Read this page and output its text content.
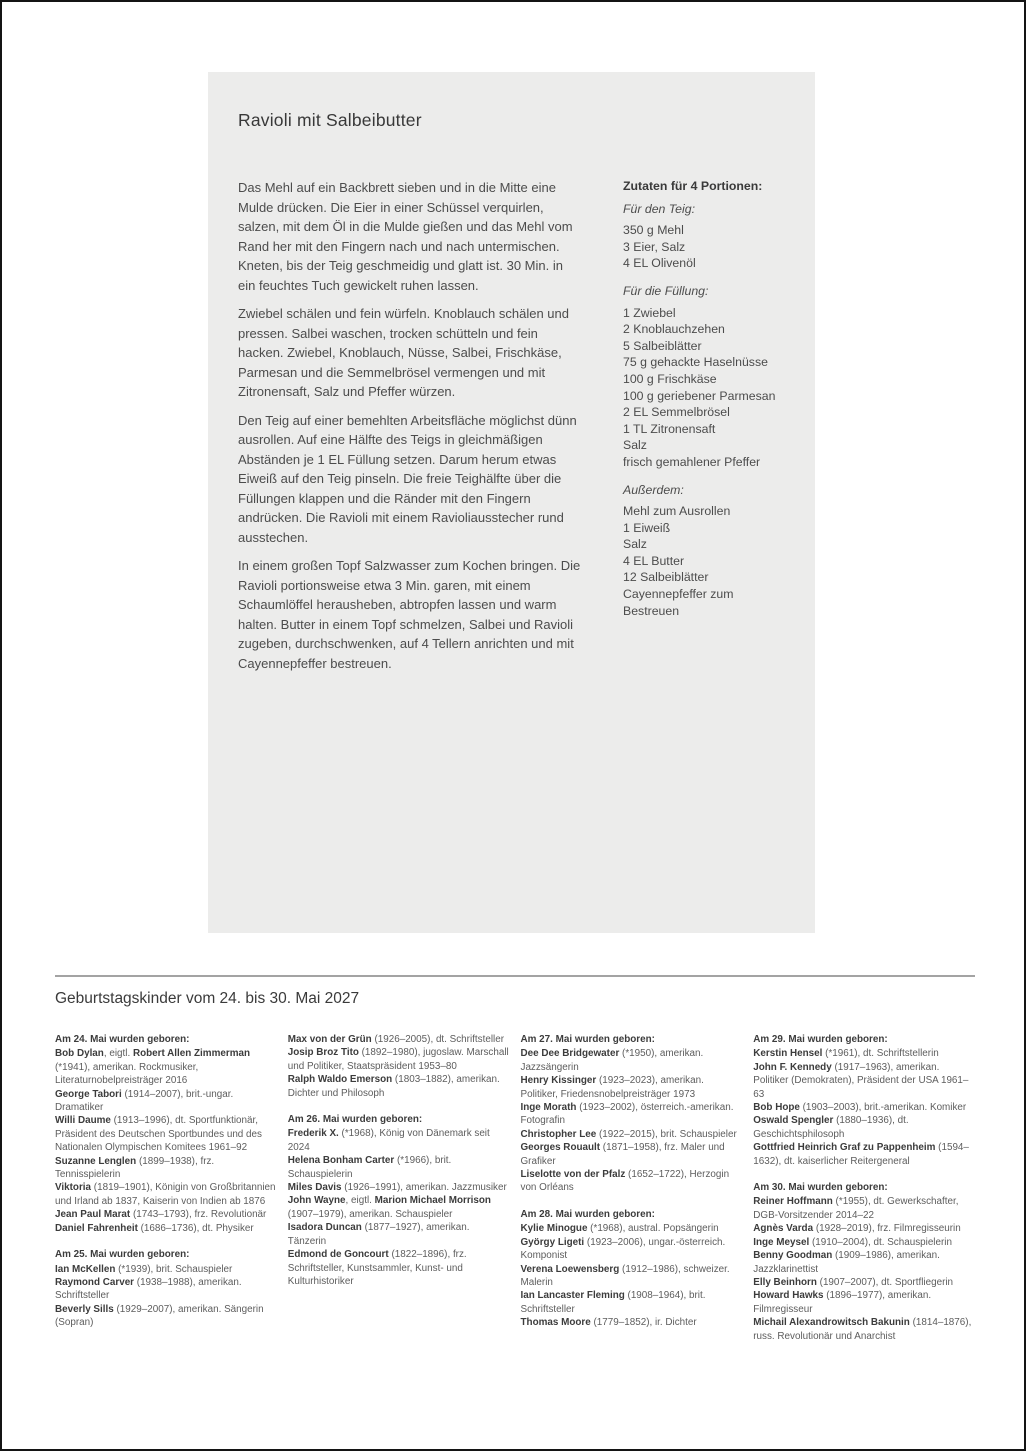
Ravioli mit Salbeibutter

Das Mehl auf ein Backbrett sieben und in die Mitte eine Mulde drücken. Die Eier in einer Schüssel verquirlen, salzen, mit dem Öl in die Mulde gießen und das Mehl vom Rand her mit den Fingern nach und nach untermischen. Kneten, bis der Teig geschmeidig und glatt ist. 30 Min. in ein feuchtes Tuch gewickelt ruhen lassen.

Zwiebel schälen und fein würfeln. Knoblauch schälen und pressen. Salbei waschen, trocken schütteln und fein hacken. Zwiebel, Knoblauch, Nüsse, Salbei, Frischkäse, Parmesan und die Semmelbrösel vermengen und mit Zitronensaft, Salz und Pfeffer würzen.

Den Teig auf einer bemehlten Arbeitsfläche möglichst dünn ausrollen. Auf eine Hälfte des Teigs in gleichmäßigen Abständen je 1 EL Füllung setzen. Darum herum etwas Eiweiß auf den Teig pinseln. Die freie Teighälfte über die Füllungen klappen und die Ränder mit den Fingern andrücken. Die Ravioli mit einem Ravioliausstecher rund ausstechen.

In einem großen Topf Salzwasser zum Kochen bringen. Die Ravioli portionsweise etwa 3 Min. garen, mit einem Schaumlöffel herausheben, abtropfen lassen und warm halten. Butter in einem Topf schmelzen, Salbei und Ravioli zugeben, durchschwenken, auf 4 Tellern anrichten und mit Cayennepfeffer bestreuen.

Zutaten für 4 Portionen:
Für den Teig:
350 g Mehl
3 Eier, Salz
4 EL Olivenöl
Für die Füllung:
1 Zwiebel
2 Knoblauchzehen
5 Salbeiblätter
75 g gehackte Haselnüsse
100 g Frischkäse
100 g geriebener Parmesan
2 EL Semmelbrösel
1 TL Zitronensaft
Salz
frisch gemahlener Pfeffer
Außerdem:
Mehl zum Ausrollen
1 Eiweiß
Salz
4 EL Butter
12 Salbeiblätter
Cayennepfeffer zum Bestreuen
Geburtstagskinder vom 24. bis 30. Mai 2027
Am 24. Mai wurden geboren:
Bob Dylan, eigtl. Robert Allen Zimmerman (*1941), amerikan. Rockmusiker, Literaturnobelpreisträger 2016
George Tabori (1914–2007), brit.-ungar. Dramatiker
Willi Daume (1913–1996), dt. Sportfunktionär, Präsident des Deutschen Sportbundes und des Nationalen Olympischen Komitees 1961–92
Suzanne Lenglen (1899–1938), frz. Tennisspielerin
Viktoria (1819–1901), Königin von Großbritannien und Irland ab 1837, Kaiserin von Indien ab 1876
Jean Paul Marat (1743–1793), frz. Revolutionär
Daniel Fahrenheit (1686–1736), dt. Physiker
Am 25. Mai wurden geboren:
Ian McKellen (*1939), brit. Schauspieler
Raymond Carver (1938–1988), amerikan. Schriftsteller
Beverly Sills (1929–2007), amerikan. Sängerin (Sopran)
Max von der Grün (1926–2005), dt. Schriftsteller
Josip Broz Tito (1892–1980), jugoslaw. Marschall und Politiker, Staatspräsident 1953–80
Ralph Waldo Emerson (1803–1882), amerikan. Dichter und Philosoph
Am 26. Mai wurden geboren:
Frederik X. (*1968), König von Dänemark seit 2024
Helena Bonham Carter (*1966), brit. Schauspielerin
Miles Davis (1926–1991), amerikan. Jazzmusiker
John Wayne, eigtl. Marion Michael Morrison (1907–1979), amerikan. Schauspieler
Isadora Duncan (1877–1927), amerikan. Tänzerin
Edmond de Goncourt (1822–1896), frz. Schriftsteller, Kunstsammler, Kunst- und Kulturhistoriker
Am 27. Mai wurden geboren:
Dee Dee Bridgewater (*1950), amerikan. Jazzsängerin
Henry Kissinger (1923–2023), amerikan. Politiker, Friedensnobelpreisträger 1973
Inge Morath (1923–2002), österreich.-amerikan. Fotografin
Christopher Lee (1922–2015), brit. Schauspieler
Georges Rouault (1871–1958), frz. Maler und Grafiker
Liselotte von der Pfalz (1652–1722), Herzogin von Orléans
Am 28. Mai wurden geboren:
Kylie Minogue (*1968), austral. Popsängerin
György Ligeti (1923–2006), ungar.-österreich. Komponist
Verena Loewensberg (1912–1986), schweizer. Malerin
Ian Lancaster Fleming (1908–1964), brit. Schriftsteller
Thomas Moore (1779–1852), ir. Dichter
Am 29. Mai wurden geboren:
Kerstin Hensel (*1961), dt. Schriftstellerin
John F. Kennedy (1917–1963), amerikan. Politiker (Demokraten), Präsident der USA 1961–63
Bob Hope (1903–2003), brit.-amerikan. Komiker
Oswald Spengler (1880–1936), dt. Geschichtsphilosoph
Gottfried Heinrich Graf zu Pappenheim (1594–1632), dt. kaiserlicher Reitergeneral
Am 30. Mai wurden geboren:
Reiner Hoffmann (*1955), dt. Gewerkschafter, DGB-Vorsitzender 2014–22
Agnès Varda (1928–2019), frz. Filmregisseurin
Inge Meysel (1910–2004), dt. Schauspielerin
Benny Goodman (1909–1986), amerikan. Jazzklarinettist
Elly Beinhorn (1907–2007), dt. Sportfliegerin
Howard Hawks (1896–1977), amerikan. Filmregisseur
Michail Alexandrowitsch Bakunin (1814–1876), russ. Revolutionär und Anarchist
